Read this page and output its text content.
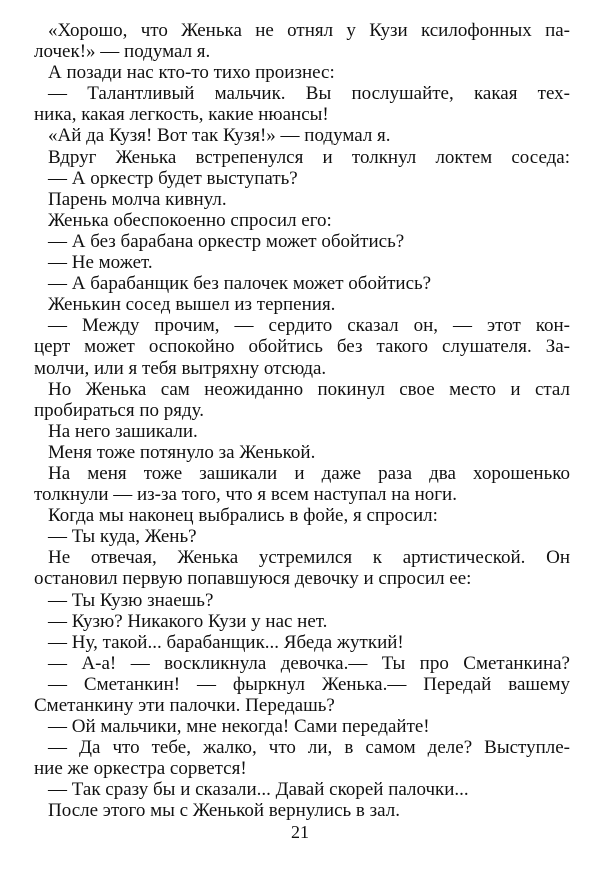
«Хорошо, что Женька не отнял у Кузи ксилофонных па-
лочек!» — подумал я.
А позади нас кто-то тихо произнес:
— Талантливый мальчик. Вы послушайте, какая тех-
ника, какая легкость, какие нюансы!
«Ай да Кузя! Вот так Кузя!» — подумал я.
Вдруг Женька встрепенулся и толкнул локтем соседа:
— А оркестр будет выступать?
Парень молча кивнул.
Женька обеспокоенно спросил его:
— А без барабана оркестр может обойтись?
— Не может.
— А барабанщик без палочек может обойтись?
Женькин сосед вышел из терпения.
— Между прочим, — сердито сказал он, — этот кон-
церт может оспокойно обойтись без такого слушателя. За-
молчи, или я тебя вытряхну отсюда.
Но Женька сам неожиданно покинул свое место и стал
пробираться по ряду.
На него зашикали.
Меня тоже потянуло за Женькой.
На меня тоже зашикали и даже раза два хорошенько
толкнули — из-за того, что я всем наступал на ноги.
Когда мы наконец выбрались в фойе, я спросил:
— Ты куда, Жень?
Не отвечая, Женька устремился к артистической. Он
остановил первую попавшуюся девочку и спросил ее:
— Ты Кузю знаешь?
— Кузю? Никакого Кузи у нас нет.
— Ну, такой... барабанщик... Ябеда жуткий!
— А-а! — воскликнула девочка.— Ты про Сметанкина?
— Сметанкин! — фыркнул Женька.— Передай вашему
Сметанкину эти палочки. Передашь?
— Ой мальчики, мне некогда! Сами передайте!
— Да что тебе, жалко, что ли, в самом деле? Выступле-
ние же оркестра сорвется!
— Так сразу бы и сказали... Давай скорей палочки...
После этого мы с Женькой вернулись в зал.
21
